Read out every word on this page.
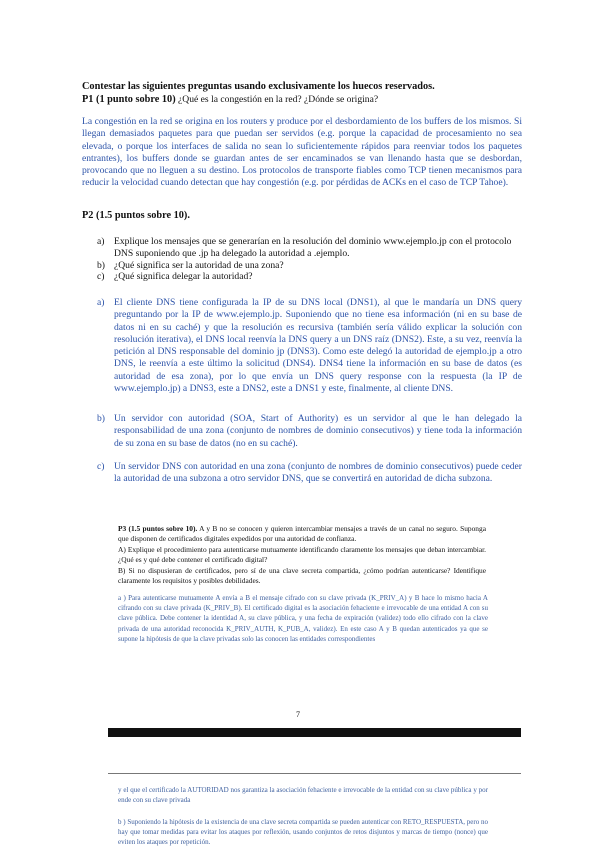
Contestar las siguientes preguntas usando exclusivamente los huecos reservados.
P1 (1 punto sobre 10) ¿Qué es la congestión en la red? ¿Dónde se origina?
La congestión en la red se origina en los routers y produce por el desbordamiento de los buffers de los mismos. Si llegan demasiados paquetes para que puedan ser servidos (e.g. porque la capacidad de procesamiento no sea elevada, o porque los interfaces de salida no sean lo suficientemente rápidos para reenviar todos los paquetes entrantes), los buffers donde se guardan antes de ser encaminados se van llenando hasta que se desbordan, provocando que no lleguen a su destino. Los protocolos de transporte fiables como TCP tienen mecanismos para reducir la velocidad cuando detectan que hay congestión (e.g. por pérdidas de ACKs en el caso de TCP Tahoe).
P2 (1.5 puntos sobre 10).
a) Explique los mensajes que se generarían en la resolución del dominio www.ejemplo.jp con el protocolo DNS suponiendo que .jp ha delegado la autoridad a .ejemplo.
b) ¿Qué significa ser la autoridad de una zona?
c) ¿Qué significa delegar la autoridad?
a) El cliente DNS tiene configurada la IP de su DNS local (DNS1), al que le mandaría un DNS query preguntando por la IP de www.ejemplo.jp. Suponiendo que no tiene esa información (ni en su base de datos ni en su caché) y que la resolución es recursiva (también sería válido explicar la solución con resolución iterativa), el DNS local reenvía la DNS query a un DNS raíz (DNS2). Este, a su vez, reenvía la petición al DNS responsable del dominio jp (DNS3). Como este delegó la autoridad de ejemplo.jp a otro DNS, le reenvía a este último la solicitud (DNS4). DNS4 tiene la información en su base de datos (es autoridad de esa zona), por lo que envía un DNS query response con la respuesta (la IP de www.ejemplo.jp) a DNS3, este a DNS2, este a DNS1 y este, finalmente, al cliente DNS.
b) Un servidor con autoridad (SOA, Start of Authority) es un servidor al que le han delegado la responsabilidad de una zona (conjunto de nombres de dominio consecutivos) y tiene toda la información de su zona en su base de datos (no en su caché).
c) Un servidor DNS con autoridad en una zona (conjunto de nombres de dominio consecutivos) puede ceder la autoridad de una subzona a otro servidor DNS, que se convertirá en autoridad de dicha subzona.
P3 (1.5 puntos sobre 10). A y B no se conocen y quieren intercambiar mensajes a través de un canal no seguro. Suponga que disponen de certificados digitales expedidos por una autoridad de confianza.
A) Explique el procedimiento para autenticarse mutuamente identificando claramente los mensajes que deban intercambiar. ¿Qué es y qué debe contener el certificado digital?
B) Si no dispusieran de certificados, pero sí de una clave secreta compartida, ¿cómo podrían autenticarse? Identifique claramente los requisitos y posibles debilidades.
a ) Para autenticarse mutuamente A envía a B el mensaje cifrado con su clave privada (K_PRIV_A) y B hace lo mismo hacia A cifrando con su clave privada (K_PRIV_B). El certificado digital es la asociación fehaciente e irrevocable de una entidad A con su clave pública. Debe contener la identidad A, su clave pública, y una fecha de expiración (validez) todo ello cifrado con la clave privada de una autoridad reconocida K_PRIV_AUTH, K_PUB_A, validez). En este caso A y B quedan autenticados ya que se supone la hipótesis de que la clave privadas solo las conocen las entidades correspondientes
7
y el que el certificado la AUTORIDAD nos garantiza la asociación fehaciente e irrevocable de la entidad con su clave pública y por ende con su clave privada
b ) Suponiendo la hipótesis de la existencia de una clave secreta compartida se pueden autenticar con RETO_RESPUESTA, pero no hay que tomar medidas para evitar los ataques por reflexión, usando conjuntos de retos disjuntos y marcas de tiempo (nonce) que eviten los ataques por repetición.
